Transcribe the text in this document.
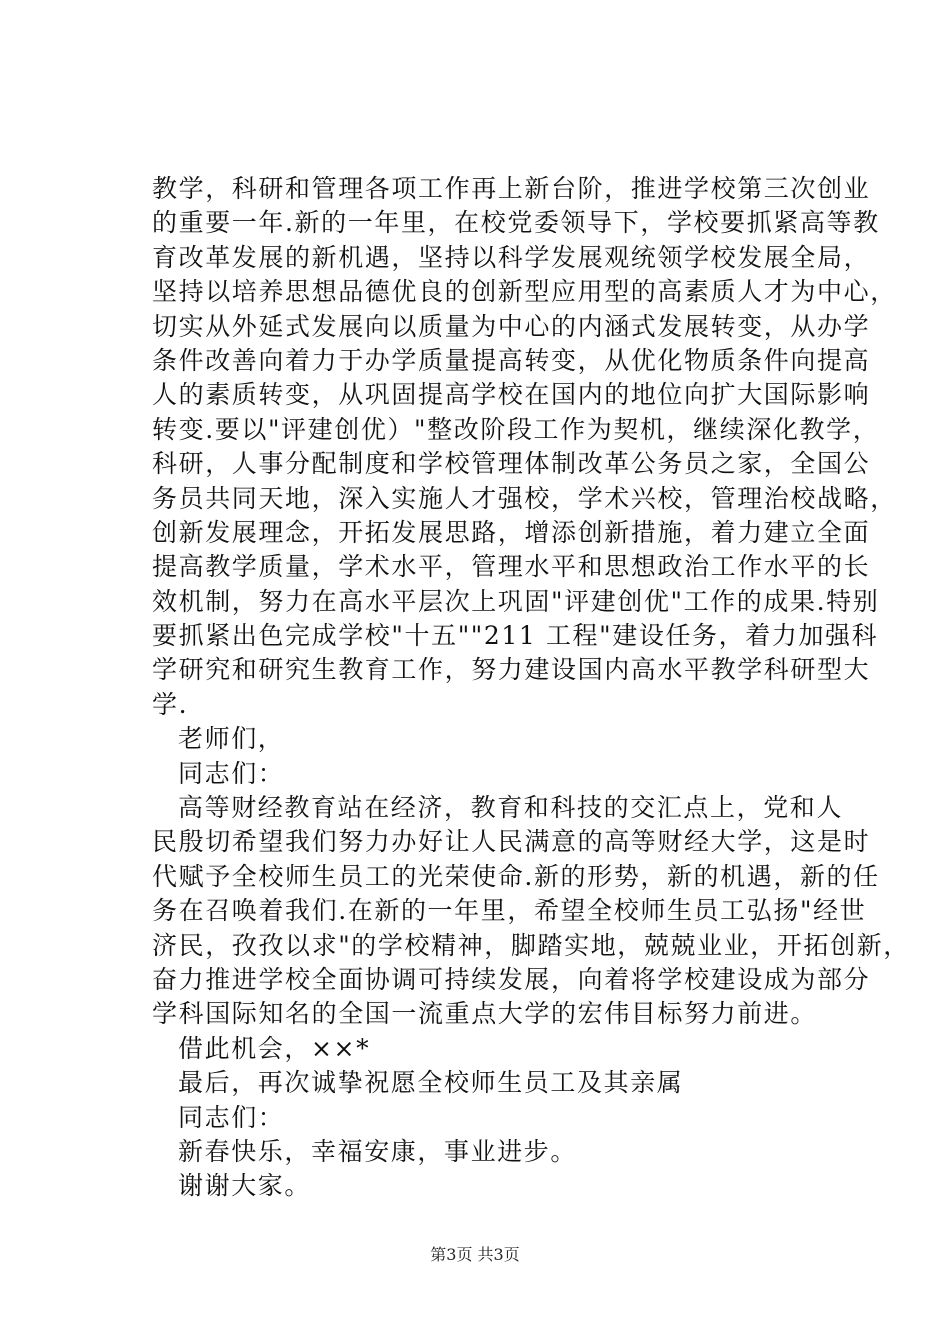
教学，科研和管理各项工作再上新台阶，推进学校第三次创业
的重要一年.新的一年里，在校党委领导下，学校要抓紧高等教
育改革发展的新机遇，坚持以科学发展观统领学校发展全局，
坚持以培养思想品德优良的创新型应用型的高素质人才为中心，
切实从外延式发展向以质量为中心的内涵式发展转变，从办学
条件改善向着力于办学质量提高转变，从优化物质条件向提高
人的素质转变，从巩固提高学校在国内的地位向扩大国际影响
转变.要以"评建创优）"整改阶段工作为契机，继续深化教学，
科研，人事分配制度和学校管理体制改革公务员之家，全国公
务员共同天地，深入实施人才强校，学术兴校，管理治校战略，
创新发展理念，开拓发展思路，增添创新措施，着力建立全面
提高教学质量，学术水平，管理水平和思想政治工作水平的长
效机制，努力在高水平层次上巩固"评建创优"工作的成果.特别
要抓紧出色完成学校"十五""211 工程"建设任务，着力加强科
学研究和研究生教育工作，努力建设国内高水平教学科研型大
学.
老师们，
同志们：
高等财经教育站在经济，教育和科技的交汇点上，党和人
民殷切希望我们努力办好让人民满意的高等财经大学，这是时
代赋予全校师生员工的光荣使命.新的形势，新的机遇，新的任
务在召唤着我们.在新的一年里，希望全校师生员工弘扬"经世
济民，孜孜以求"的学校精神，脚踏实地，兢兢业业，开拓创新，
奋力推进学校全面协调可持续发展，向着将学校建设成为部分
学科国际知名的全国一流重点大学的宏伟目标努力前进。
借此机会，××*
最后，再次诚挚祝愿全校师生员工及其亲属
同志们：
新春快乐，幸福安康，事业进步。
谢谢大家。
第3页 共3页
